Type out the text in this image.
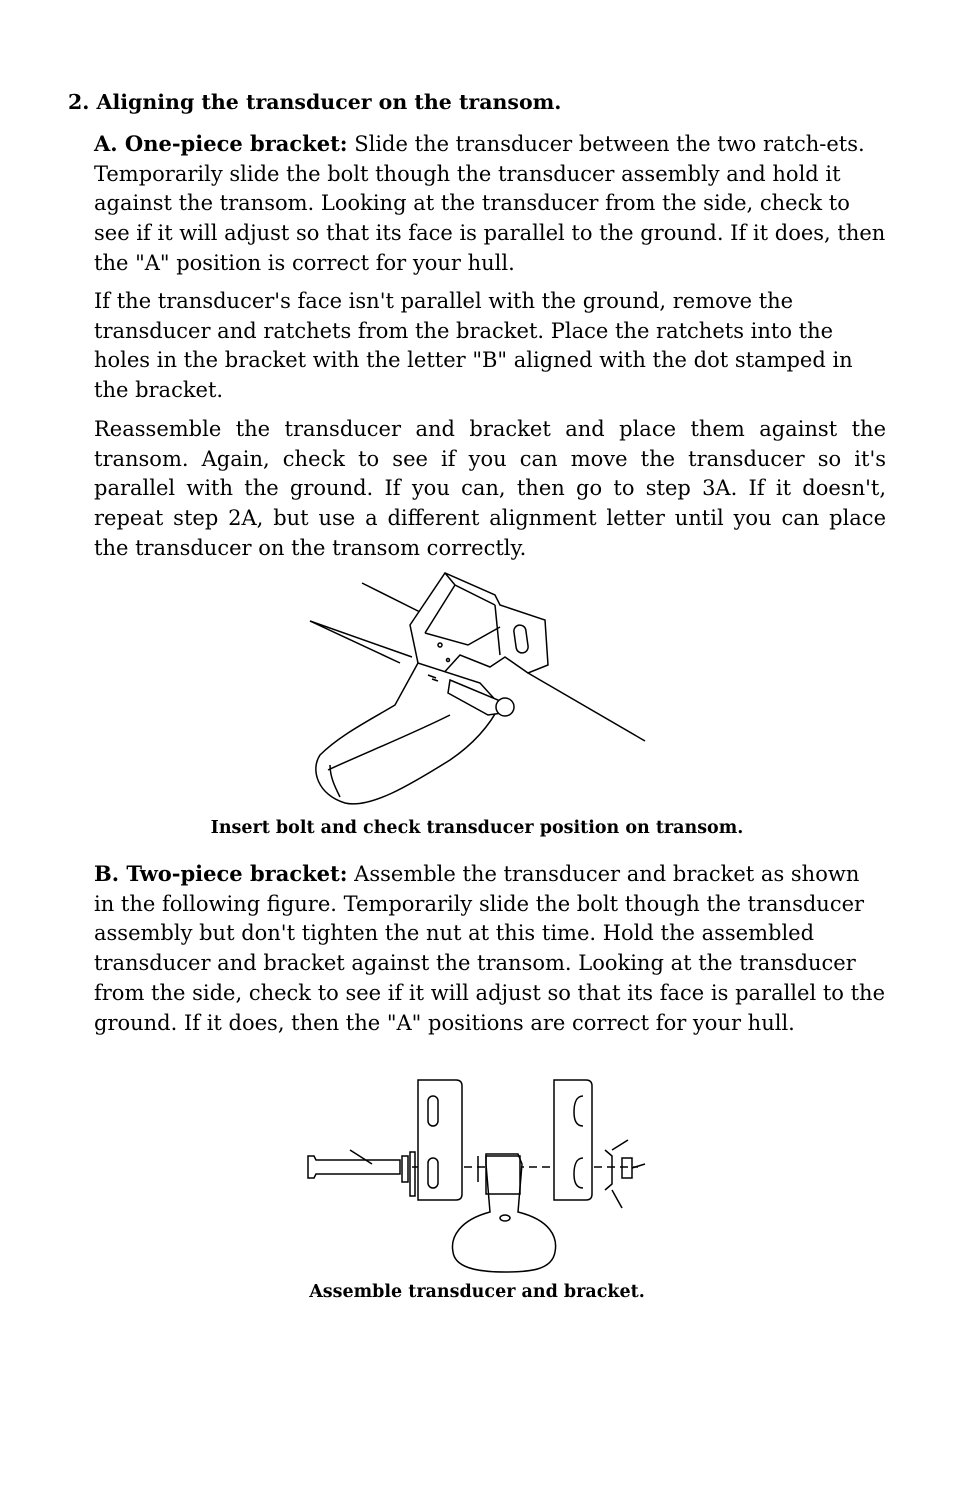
2. Aligning the transducer on the transom.

A. One-piece bracket: Slide the transducer between the two ratch-ets. Temporarily slide the bolt though the transducer assembly and hold it against the transom. Looking at the transducer from the side, check to see if it will adjust so that its face is parallel to the ground. If it does, then the "A" position is correct for your hull.

If the transducer's face isn't parallel with the ground, remove the transducer and ratchets from the bracket. Place the ratchets into the holes in the bracket with the letter "B" aligned with the dot stamped in the bracket.

Reassemble the transducer and bracket and place them against the transom. Again, check to see if you can move the transducer so it's parallel with the ground. If you can, then go to step 3A. If it doesn't, repeat step 2A, but use a different alignment letter until you can place the transducer on the transom correctly.

Insert bolt and check transducer position on transom.

B. Two-piece bracket: Assemble the transducer and bracket as shown in the following figure. Temporarily slide the bolt though the transducer assembly but don't tighten the nut at this time. Hold the assembled transducer and bracket against the transom. Looking at the transducer from the side, check to see if it will adjust so that its face is parallel to the ground. If it does, then the "A" positions are correct for your hull.

Assemble transducer and bracket.
